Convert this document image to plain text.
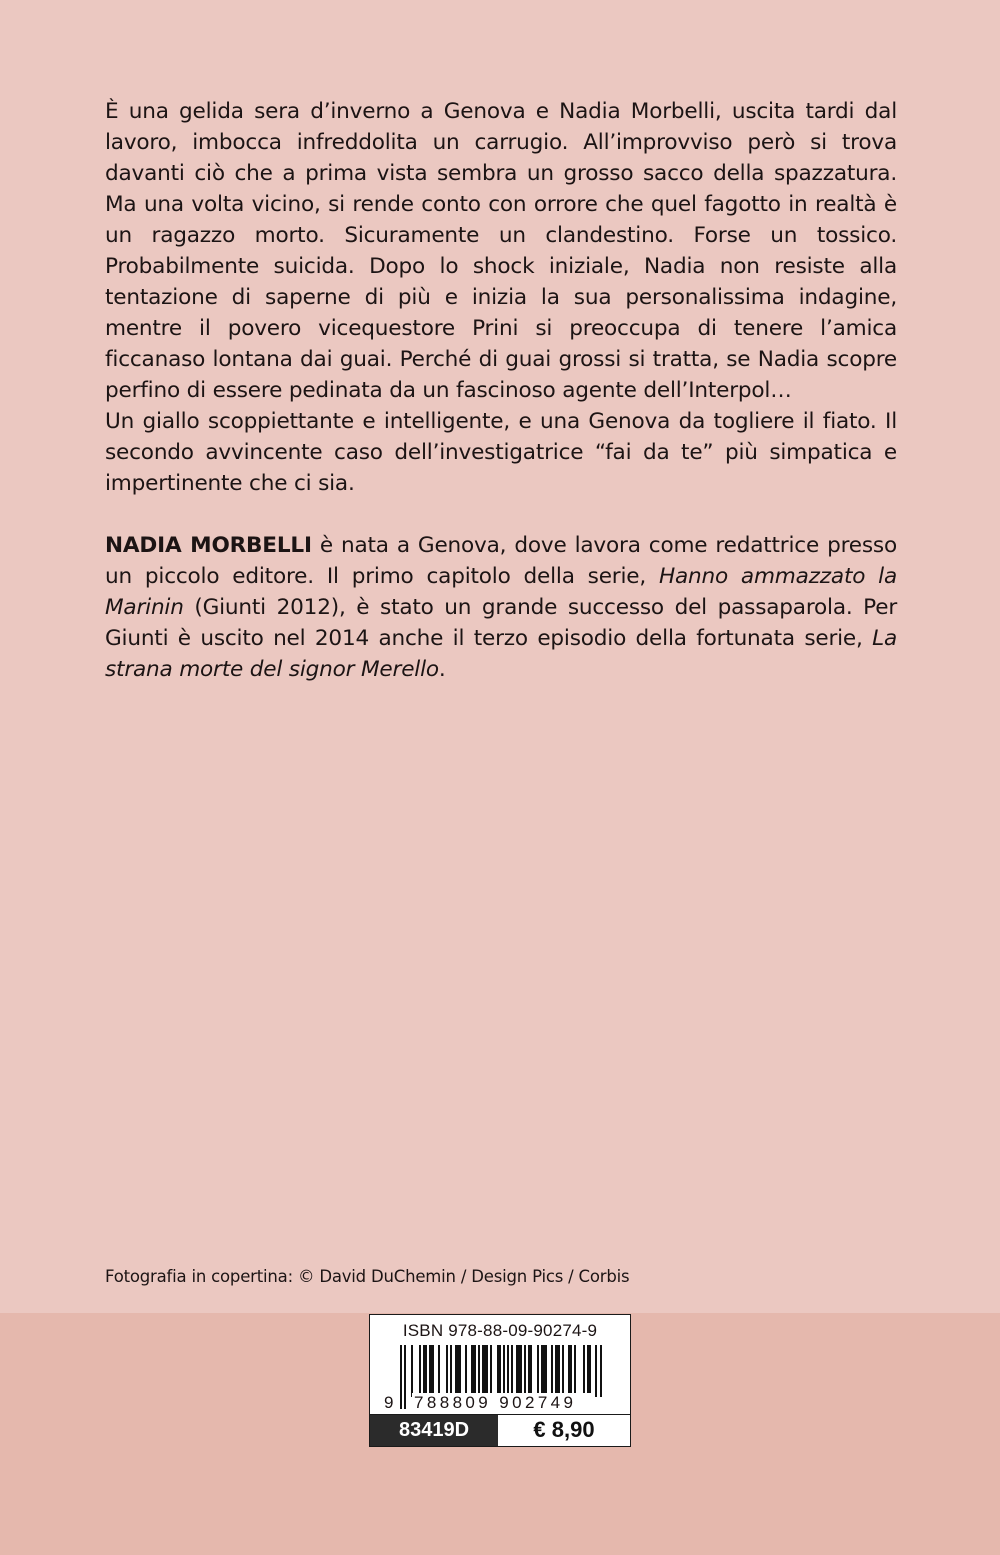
È una gelida sera d’inverno a Genova e Nadia Morbelli, uscita tardi dal lavoro, imbocca infreddolita un carrugio. All’improvviso però si trova davanti ciò che a prima vista sembra un grosso sacco della spazzatura. Ma una volta vicino, si rende conto con orrore che quel fagotto in realtà è un ragazzo morto. Sicuramente un clandestino. Forse un tossico. Probabilmente suicida. Dopo lo shock iniziale, Nadia non resiste alla tentazione di saperne di più e inizia la sua personalissima indagine, mentre il povero vicequestore Prini si preoccupa di tenere l’amica ficcanaso lontana dai guai. Perché di guai grossi si tratta, se Nadia scopre perfino di essere pedinata da un fascinoso agente dell’Interpol…

Un giallo scoppiettante e intelligente, e una Genova da togliere il fiato. Il secondo avvincente caso dell’investigatrice “fai da te” più simpatica e impertinente che ci sia.

NADIA MORBELLI è nata a Genova, dove lavora come redattrice presso un piccolo editore. Il primo capitolo della serie, Hanno ammazzato la Marinin (Giunti 2012), è stato un grande successo del passaparola. Per Giunti è uscito nel 2014 anche il terzo episodio della fortunata serie, La strana morte del signor Merello.

Fotografia in copertina: © David DuChemin / Design Pics / Corbis
ISBN 978-88-09-90274-9
9 788809 902749
83419D	€ 8,90
